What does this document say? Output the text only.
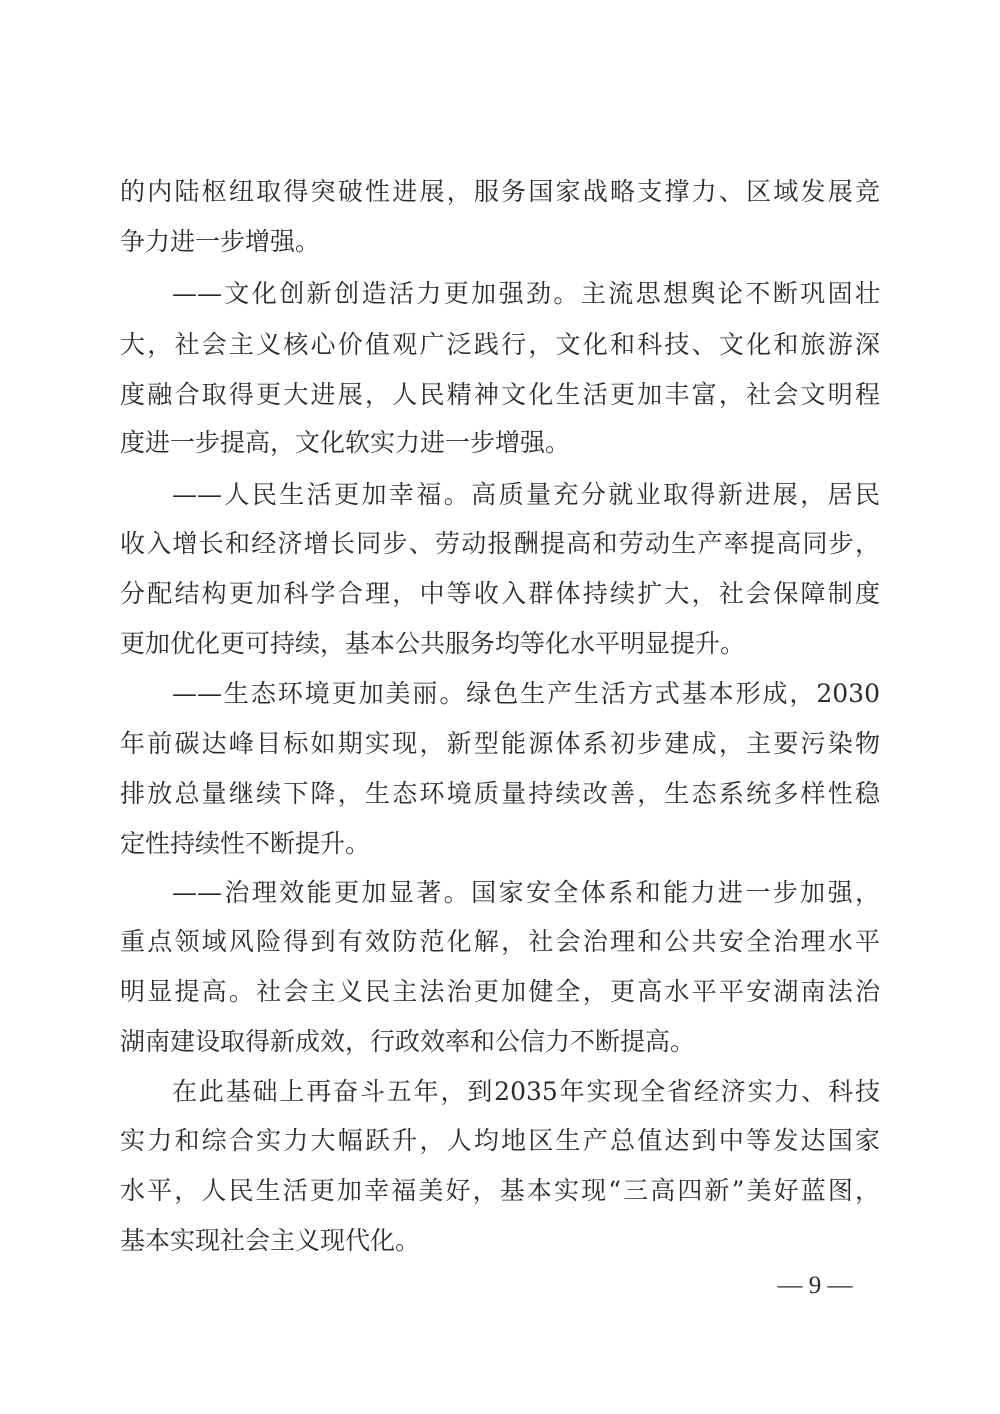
的内陆枢纽取得突破性进展，服务国家战略支撑力、区域发展竞
争力进一步增强。
——文化创新创造活力更加强劲。主流思想舆论不断巩固壮
大，社会主义核心价值观广泛践行，文化和科技、文化和旅游深
度融合取得更大进展，人民精神文化生活更加丰富，社会文明程
度进一步提高，文化软实力进一步增强。
——人民生活更加幸福。高质量充分就业取得新进展，居民
收入增长和经济增长同步、劳动报酬提高和劳动生产率提高同步，
分配结构更加科学合理，中等收入群体持续扩大，社会保障制度
更加优化更可持续，基本公共服务均等化水平明显提升。
——生态环境更加美丽。绿色生产生活方式基本形成，2030
年前碳达峰目标如期实现，新型能源体系初步建成，主要污染物
排放总量继续下降，生态环境质量持续改善，生态系统多样性稳
定性持续性不断提升。
——治理效能更加显著。国家安全体系和能力进一步加强，
重点领域风险得到有效防范化解，社会治理和公共安全治理水平
明显提高。社会主义民主法治更加健全，更高水平平安湖南法治
湖南建设取得新成效，行政效率和公信力不断提高。
在此基础上再奋斗五年，到2035年实现全省经济实力、科技
实力和综合实力大幅跃升，人均地区生产总值达到中等发达国家
水平，人民生活更加幸福美好，基本实现“三高四新”美好蓝图，
基本实现社会主义现代化。
— 9 —
